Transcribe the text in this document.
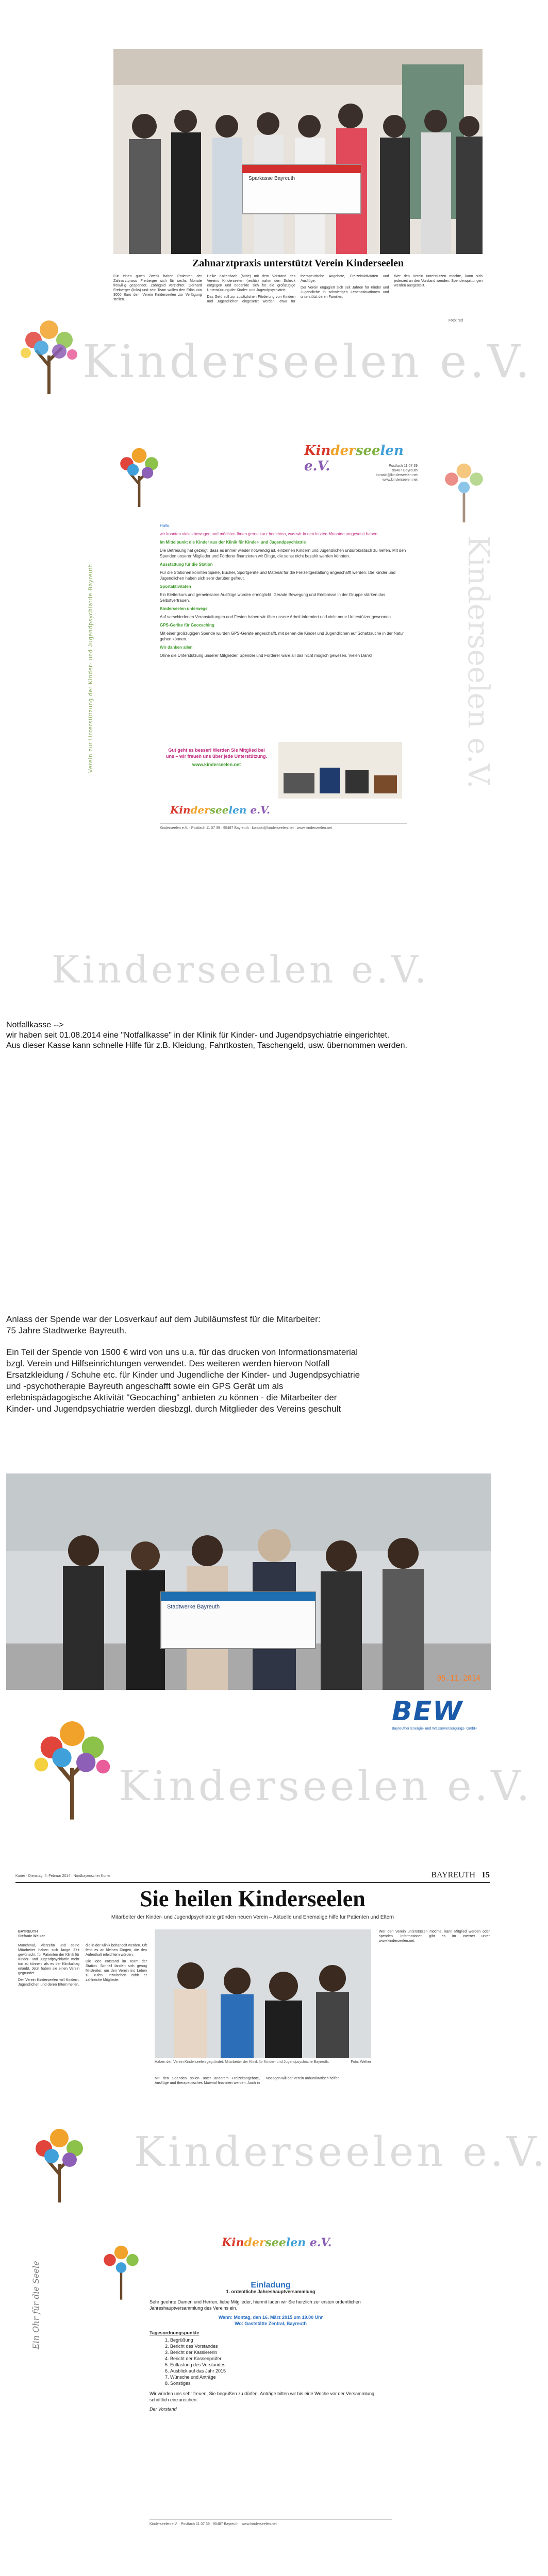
Sparkasse Bayreuth
Zahnarztpraxis unterstützt Verein Kinderseelen

Für einen guten Zweck haben Patienten der Zahnarztpraxis Freiberger sich für sechs Monate freiwillig gespendet. Zahngold verzichtet. Gerhard Freiberger (links) und sein Team wollen den Erlös von 3000 Euro dem Verein Kinderseelen zur Verfügung stellen.

Heike Kaltenbach (Mitte) mit dem Vorstand des Vereins Kinderseelen (rechts) nahm den Scheck entgegen und bedankte sich für die großzügige Unterstützung der Kinder- und Jugendpsychiatrie.

Das Geld soll zur zusätzlichen Förderung von Kindern und Jugendlichen eingesetzt werden, etwa für therapeutische Angebote, Freizeitaktivitäten und Ausflüge.

Der Verein engagiert sich seit Jahren für Kinder und Jugendliche in schwierigen Lebenssituationen und unterstützt deren Familien.

Wer den Verein unterstützen möchte, kann sich jederzeit an den Vorstand wenden. Spendenquittungen werden ausgestellt.

Foto: red
Kinderseelen e.V.
Kinderseelen e.V.	Postfach 11 07 39
95487 Bayreuth
kontakt@kinderseelen.net
www.kinderseelen.net
Verein zur Unterstützung der Kinder- und Jugendpsychiatrie Bayreuth

Hallo,

wir konnten vieles bewegen und möchten Ihnen gerne kurz berichten, was wir in den letzten Monaten umgesetzt haben.

Im Mittelpunkt die Kinder aus der Klinik für Kinder- und Jugendpsychiatrie

Die Betreuung hat gezeigt, dass es immer wieder notwendig ist, einzelnen Kindern und Jugendlichen unbürokratisch zu helfen. Mit den Spenden unserer Mitglieder und Förderer finanzieren wir Dinge, die sonst nicht bezahlt werden könnten.

Ausstattung für die Station

Für die Stationen konnten Spiele, Bücher, Sportgeräte und Material für die Freizeitgestaltung angeschafft werden. Die Kinder und Jugendlichen haben sich sehr darüber gefreut.

Sportaktivitäten

Ein Kletterkurs und gemeinsame Ausflüge wurden ermöglicht. Gerade Bewegung und Erlebnisse in der Gruppe stärken das Selbstvertrauen.

Kinderseelen unterwegs

Auf verschiedenen Veranstaltungen und Festen haben wir über unsere Arbeit informiert und viele neue Unterstützer gewonnen.

GPS-Geräte für Geocaching

Mit einer großzügigen Spende wurden GPS-Geräte angeschafft, mit denen die Kinder und Jugendlichen auf Schatzsuche in der Natur gehen können.

Wir danken allen

Ohne die Unterstützung unserer Mitglieder, Spender und Förderer wäre all das nicht möglich gewesen. Vielen Dank!

Gut geht es besser! Werden Sie Mitglied bei uns – wir freuen uns über jede Unterstützung.
www.kinderseelen.net
Kinderseelen e.V.
Kinderseelen e.V. · Postfach 11 07 39 · 95487 Bayreuth · kontakt@kinderseelen.net · www.kinderseelen.net
Kinderseelen e.V.
Kinderseelen e.V.
Notfallkasse -->
wir haben seit 01.08.2014 eine "Notfallkasse" in der Klinik für Kinder- und Jugendpsychiatrie eingerichtet.
Aus dieser Kasse kann schnelle Hilfe für z.B. Kleidung, Fahrtkosten, Taschengeld, usw. übernommen werden.
Anlass der Spende war der Losverkauf auf dem Jubiläumsfest für die Mitarbeiter:
75 Jahre Stadtwerke Bayreuth.
Ein Teil der Spende von 1500 € wird von uns u.a. für das drucken von Informationsmaterial bzgl. Verein und Hilfseinrichtungen verwendet. Des weiteren werden hiervon Notfall Ersatzkleidung / Schuhe etc. für Kinder und Jugendliche der Kinder- und Jugendpsychiatrie und -psychotherapie Bayreuth angeschafft sowie ein GPS Gerät um als erlebnispädagogische Aktivität "Geocaching" anbieten zu können - die Mitarbeiter der Kinder- und Jugendpsychiatrie werden diesbzgl. durch Mitglieder des Vereins geschult
Stadtwerke Bayreuth
05.11.2014
BEW
Bayreuther Energie- und Wasserversorgungs- GmbH
Kinderseelen e.V.
Kurier · Dienstag, 4. Februar 2014 · Nordbayerischer Kurier	BAYREUTH 15
Sie heilen Kinderseelen
Mitarbeiter der Kinder- und Jugendpsychiatrie gründen neuen Verein – Aktuelle und Ehemalige hilfe für Patienten und Eltern
BAYREUTH
Stefanie Welker

Manchmal, Vierzehn und seine Mitarbeiter haben sich lange Zeit gewünscht, für Patienten der Klinik für Kinder- und Jugendpsychiatrie mehr tun zu können, als es der Klinikalltag erlaubt. Jetzt haben sie einen Verein gegründet.

Der Verein Kinderseelen will Kindern, Jugendlichen und deren Eltern helfen, die in der Klinik behandelt werden. Oft fehlt es an kleinen Dingen, die den Aufenthalt erleichtern würden.

Die Idee entstand im Team der Station. Schnell fanden sich genug Mitstreiter, um den Verein ins Leben zu rufen. Inzwischen zählt er zahlreiche Mitglieder.

Haben den Verein Kinderseelen gegründet: Mitarbeiter der Klinik für Kinder- und Jugendpsychiatrie Bayreuth.	Foto: Welker

Mit den Spenden sollen unter anderem Freizeitangebote, Ausflüge und therapeutisches Material finanziert werden. Auch in Notlagen will der Verein unbürokratisch helfen.

Wer den Verein unterstützen möchte, kann Mitglied werden oder spenden. Informationen gibt es im Internet unter www.kinderseelen.net.

Kinderseelen e.V.
Ein Ohr für die Seele
Kinderseelen e.V.
Einladung
1. ordentliche Jahreshauptversammlung

Sehr geehrte Damen und Herren, liebe Mitglieder, hiermit laden wir Sie herzlich zur ersten ordentlichen Jahreshauptversammlung des Vereins ein.

Wann: Montag, den 16. März 2015 um 19.00 Uhr

Wo: Gaststätte Zentral, Bayreuth

Tagesordnungspunkte

1. Begrüßung
2. Bericht des Vorstandes
3. Bericht der Kassiererin
4. Bericht der Kassenprüfer
5. Entlastung des Vorstandes
6. Ausblick auf das Jahr 2015
7. Wünsche und Anträge
8. Sonstiges

Wir würden uns sehr freuen, Sie begrüßen zu dürfen. Anträge bitten wir bis eine Woche vor der Versammlung schriftlich einzureichen.

Der Vorstand

Kinderseelen e.V. · Postfach 11 07 39 · 95487 Bayreuth · www.kinderseelen.net
